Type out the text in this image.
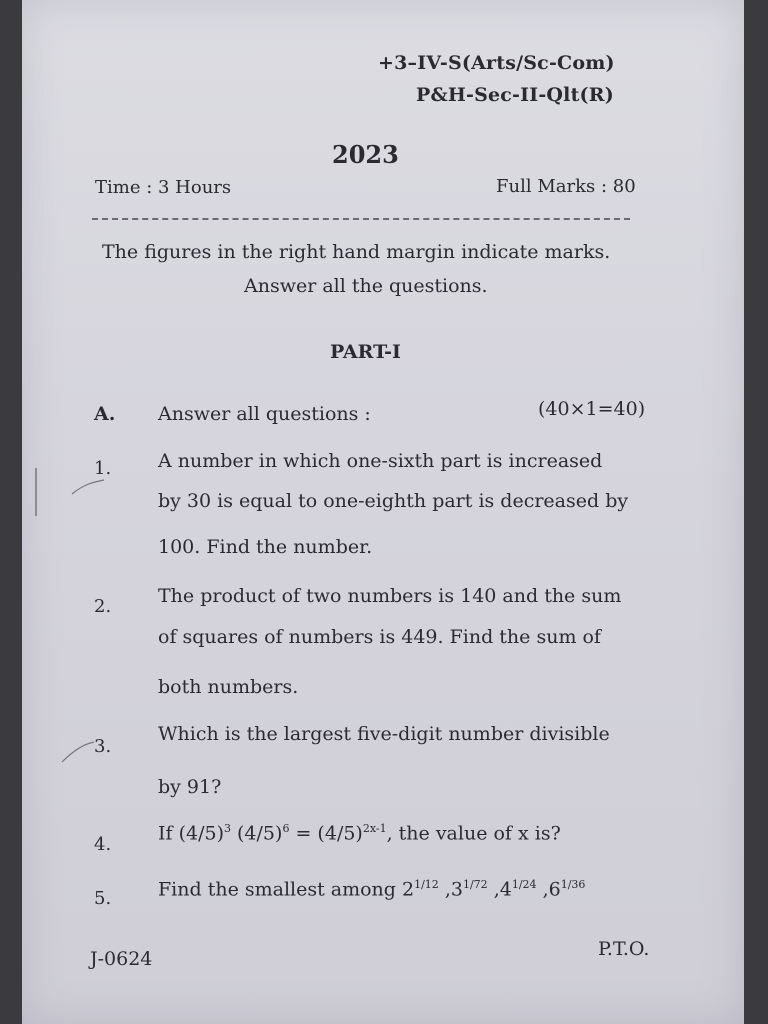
+3–IV-S(Arts/Sc-Com)
P&H-Sec-II-Qlt(R)
2023
Time : 3 Hours	Full Marks : 80
The figures in the right hand margin indicate marks.
Answer all the questions.
PART-I
A. Answer all questions :	(40×1=40)
1. A number in which one-sixth part is increased
by 30 is equal to one-eighth part is decreased by
100. Find the number.
2. The product of two numbers is 140 and the sum
of squares of numbers is 449. Find the sum of
both numbers.
3.
Which is the largest five-digit number divisible
by 91?
4.
If $(4/5)^3$ $(4/5)^6 = (4/5)^{2x-1}$, the value of x is?
5. Find the smallest among $2^{1/12}$ $,3^{1/72}$ $,4^{1/24}$ $,6^{1/36}$
J-0624	P.T.O.
